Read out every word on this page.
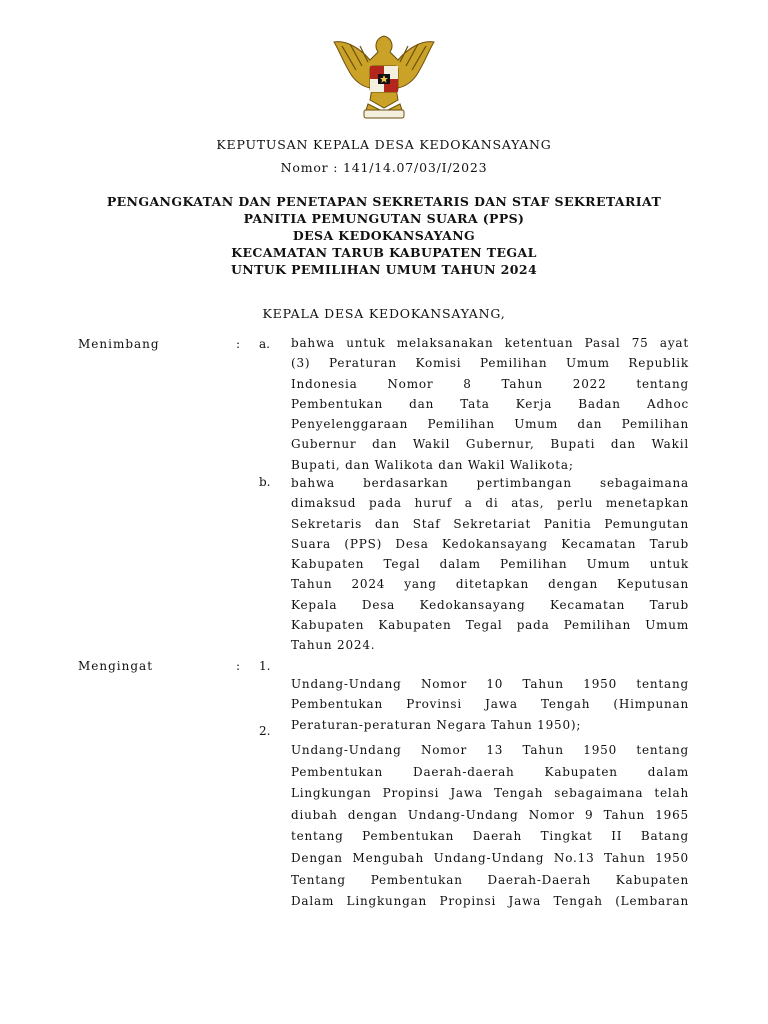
KEPUTUSAN KEPALA DESA KEDOKANSAYANG
Nomor : 141/14.07/03/I/2023
PENGANGKATAN DAN PENETAPAN SEKRETARIS DAN STAF SEKRETARIAT
PANITIA PEMUNGUTAN SUARA (PPS)
DESA KEDOKANSAYANG
KECAMATAN TARUB KABUPATEN TEGAL
UNTUK PEMILIHAN UMUM TAHUN 2024
KEPALA DESA KEDOKANSAYANG,
Menimbang	: a. bahwa untuk melaksanakan ketentuan Pasal 75 ayat
(3) Peraturan Komisi Pemilihan Umum Republik
Indonesia Nomor 8 Tahun 2022 tentang
Pembentukan dan Tata Kerja Badan Adhoc
Penyelenggaraan Pemilihan Umum dan Pemilihan
Gubernur dan Wakil Gubernur, Bupati dan Wakil
Bupati, dan Walikota dan Wakil Walikota;
b. bahwa berdasarkan pertimbangan sebagaimana
dimaksud pada huruf a di atas, perlu menetapkan
Sekretaris dan Staf Sekretariat Panitia Pemungutan
Suara (PPS) Desa Kedokansayang Kecamatan Tarub
Kabupaten Tegal dalam Pemilihan Umum untuk
Tahun 2024 yang ditetapkan dengan Keputusan
Kepala Desa Kedokansayang Kecamatan Tarub
Kabupaten Kabupaten Tegal pada Pemilihan Umum
Tahun 2024.
Mengingat	: 1.
Undang-Undang Nomor 10 Tahun 1950 tentang
Pembentukan Provinsi Jawa Tengah (Himpunan
Peraturan-peraturan Negara Tahun 1950);
2.
Undang-Undang Nomor 13 Tahun 1950 tentang
Pembentukan Daerah-daerah Kabupaten dalam
Lingkungan Propinsi Jawa Tengah sebagaimana telah
diubah dengan Undang-Undang Nomor 9 Tahun 1965
tentang Pembentukan Daerah Tingkat II Batang
Dengan Mengubah Undang-Undang No.13 Tahun 1950
Tentang Pembentukan Daerah-Daerah Kabupaten
Dalam Lingkungan Propinsi Jawa Tengah (Lembaran
